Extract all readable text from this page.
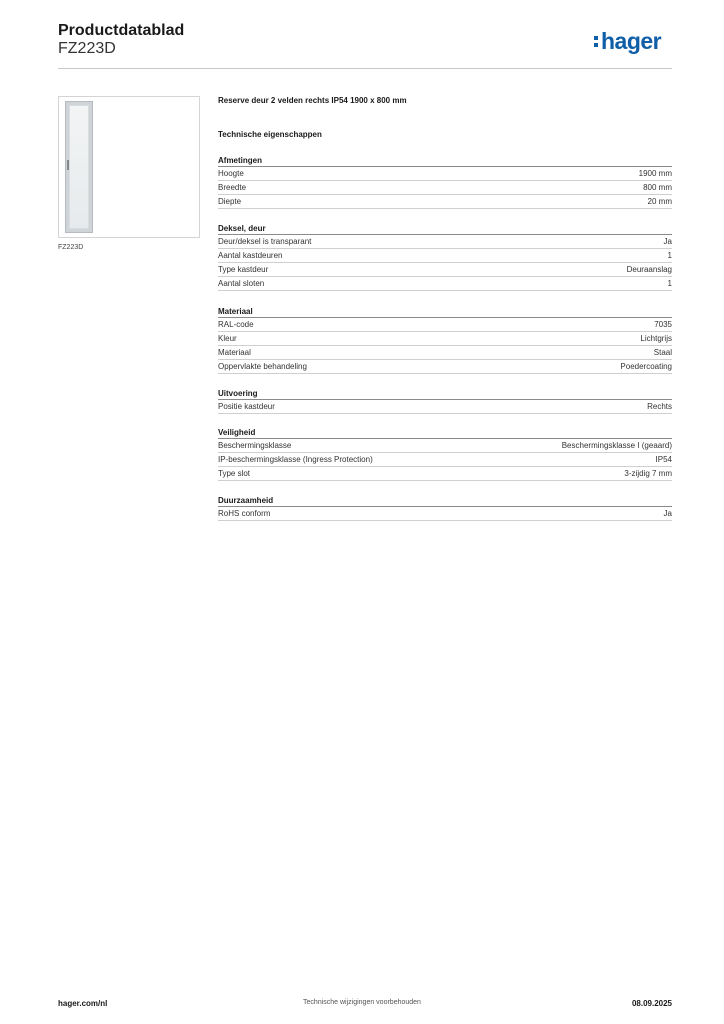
Productdatablad
FZ223D	hager
FZ223D
Reserve deur 2 velden rechts IP54 1900 x 800 mm
Technische eigenschappen
Afmetingen
Hoogte	1900 mm
Breedte	800 mm
Diepte	20 mm
Deksel, deur
Deur/deksel is transparant	Ja
Aantal kastdeuren	1
Type kastdeur	Deuraanslag
Aantal sloten	1
Materiaal
RAL-code	7035
Kleur	Lichtgrijs
Materiaal	Staal
Oppervlakte behandeling	Poedercoating
Uitvoering
Positie kastdeur	Rechts
Veiligheid
Beschermingsklasse	Beschermingsklasse I (geaard)
IP-beschermingsklasse (Ingress Protection)	IP54
Type slot	3-zijdig 7 mm
Duurzaamheid
RoHS conform	Ja
Technische wijzigingen voorbehouden
hager.com/nl	08.09.2025
